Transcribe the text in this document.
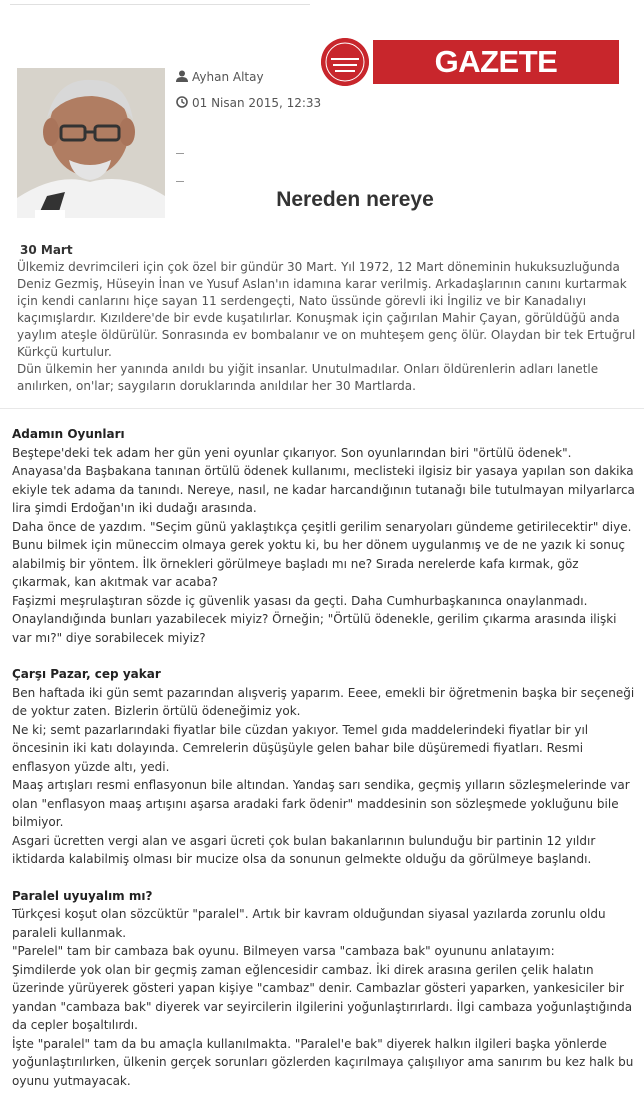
Ayhan Altay
01 Nisan 2015, 12:33
GAZETE İSTANBUL
Nereden nereye
30 Mart
Ülkemiz devrimcileri için çok özel bir gündür 30 Mart. Yıl 1972, 12 Mart döneminin hukuksuzluğunda Deniz Gezmiş, Hüseyin İnan ve Yusuf Aslan'ın idamına karar verilmiş. Arkadaşlarının canını kurtarmak için kendi canlarını hiçe sayan 11 serdengeçti, Nato üssünde görevli iki İngiliz ve bir Kanadalıyı kaçımışlardır. Kızıldere'de bir evde kuşatılırlar. Konuşmak için çağırılan Mahir Çayan, görüldüğü anda yaylım ateşle öldürülür. Sonrasında ev bombalanır ve on muhteşem genç ölür. Olaydan bir tek Ertuğrul Kürkçü kurtulur.
Dün ülkemin her yanında anıldı bu yiğit insanlar. Unutulmadılar. Onları öldürenlerin adları lanetle anılırken, on'lar; saygıların doruklarında anıldılar her 30 Martlarda.
Adamın Oyunları

Beştepe'deki tek adam her gün yeni oyunlar çıkarıyor. Son oyunlarından biri "örtülü ödenek". Anayasa'da Başbakana tanınan örtülü ödenek kullanımı, meclisteki ilgisiz bir yasaya yapılan son dakika ekiyle tek adama da tanındı. Nereye, nasıl, ne kadar harcandığının tutanağı bile tutulmayan milyarlarca lira şimdi Erdoğan'ın iki dudağı arasında.

Daha önce de yazdım. "Seçim günü yaklaştıkça çeşitli gerilim senaryoları gündeme getirilecektir" diye. Bunu bilmek için müneccim olmaya gerek yoktu ki, bu her dönem uygulanmış ve de ne yazık ki sonuç alabilmiş bir yöntem. İlk örnekleri görülmeye başladı mı ne? Sırada nerelerde kafa kırmak, göz çıkarmak, kan akıtmak var acaba?

Faşizmi meşrulaştıran sözde iç güvenlik yasası da geçti. Daha Cumhurbaşkanınca onaylanmadı. Onaylandığında bunları yazabilecek miyiz? Örneğin; "Örtülü ödenekle, gerilim çıkarma arasında ilişki var mı?" diye sorabilecek miyiz?

Çarşı Pazar, cep yakar

Ben haftada iki gün semt pazarından alışveriş yaparım. Eeee, emekli bir öğretmenin başka bir seçeneği de yoktur zaten. Bizlerin örtülü ödeneğimiz yok.

Ne ki; semt pazarlarındaki fiyatlar bile cüzdan yakıyor. Temel gıda maddelerindeki fiyatlar bir yıl öncesinin iki katı dolayında. Cemrelerin düşüşüyle gelen bahar bile düşüremedi fiyatları. Resmi enflasyon yüzde altı, yedi.

Maaş artışları resmi enflasyonun bile altından. Yandaş sarı sendika, geçmiş yılların sözleşmelerinde var olan "enflasyon maaş artışını aşarsa aradaki fark ödenir" maddesinin son sözleşmede yokluğunu bile bilmiyor.

Asgari ücretten vergi alan ve asgari ücreti çok bulan bakanlarının bulunduğu bir partinin 12 yıldır iktidarda kalabilmiş olması bir mucize olsa da sonunun gelmekte olduğu da görülmeye başlandı.

Paralel uyuyalım mı?

Türkçesi koşut olan sözcüktür "paralel". Artık bir kavram olduğundan siyasal yazılarda zorunlu oldu paraleli kullanmak.

"Parelel" tam bir cambaza bak oyunu. Bilmeyen varsa "cambaza bak" oyununu anlatayım:

Şimdilerde yok olan bir geçmiş zaman eğlencesidir cambaz. İki direk arasına gerilen çelik halatın üzerinde yürüyerek gösteri yapan kişiye "cambaz" denir. Cambazlar gösteri yaparken, yankesiciler bir yandan "cambaza bak" diyerek var seyircilerin ilgilerini yoğunlaştırırlardı. İlgi cambaza yoğunlaştığında da cepler boşaltılırdı.

İşte "paralel" tam da bu amaçla kullanılmakta. "Paralel'e bak" diyerek halkın ilgileri başka yönlerde yoğunlaştırılırken, ülkenin gerçek sorunları gözlerden kaçırılmaya çalışılıyor ama sanırım bu kez halk bu oyunu yutmayacak.
